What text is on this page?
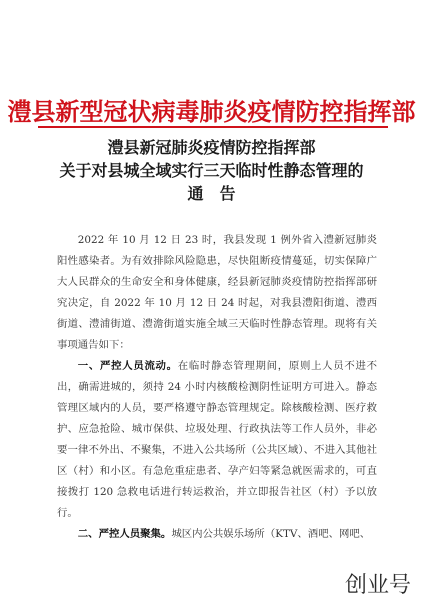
澧县新型冠状病毒肺炎疫情防控指挥部
澧县新冠肺炎疫情防控指挥部
关于对县城全域实行三天临时性静态管理的
通　告

2022 年 10 月 12 日 23 时，我县发现 1 例外省入澧新冠肺炎阳性感染者。为有效排除风险隐患，尽快阻断疫情蔓延，切实保障广大人民群众的生命安全和身体健康，经县新冠肺炎疫情防控指挥部研究决定，自 2022 年 10 月 12 日 24 时起，对我县澧阳街道、澧西街道、澧浦街道、澧澹街道实施全域三天临时性静态管理。现将有关事项通告如下：

一、严控人员流动。在临时静态管理期间，原则上人员不进不出，确需进城的，须持 24 小时内核酸检测阴性证明方可进入。静态管理区域内的人员，要严格遵守静态管理规定。除核酸检测、医疗救护、应急抢险、城市保供、垃圾处理、行政执法等工作人员外，非必要一律不外出、不聚集，不进入公共场所（公共区域）、不进入其他社区（村）和小区。有急危重症患者、孕产妇等紧急就医需求的，可直接拨打 120 急救电话进行转运救治，并立即报告社区（村）予以放行。

二、严控人员聚集。城区内公共娱乐场所（KTV、酒吧、网吧、

创业号
